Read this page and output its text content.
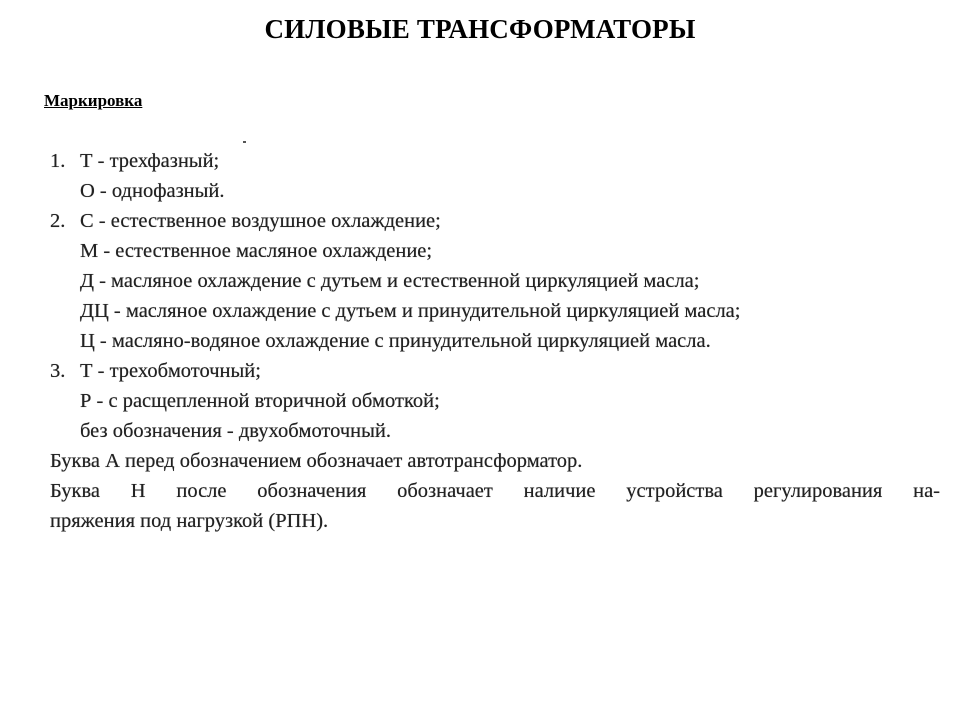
СИЛОВЫЕ ТРАНСФОРМАТОРЫ
Маркировка
1. Т - трехфазный;
О - однофазный.
2. С - естественное воздушное охлаждение;
М - естественное масляное охлаждение;
Д - масляное охлаждение с дутьем и естественной циркуляцией масла;
ДЦ - масляное охлаждение с дутьем и принудительной циркуляцией масла;
Ц - масляно-водяное охлаждение с принудительной циркуляцией масла.
3. Т - трехобмоточный;
Р - с расщепленной вторичной обмоткой;
без обозначения - двухобмоточный.
Буква А перед обозначением обозначает автотрансформатор.
Буква Н после обозначения обозначает наличие устройства регулирования на-
пряжения под нагрузкой (РПН).
